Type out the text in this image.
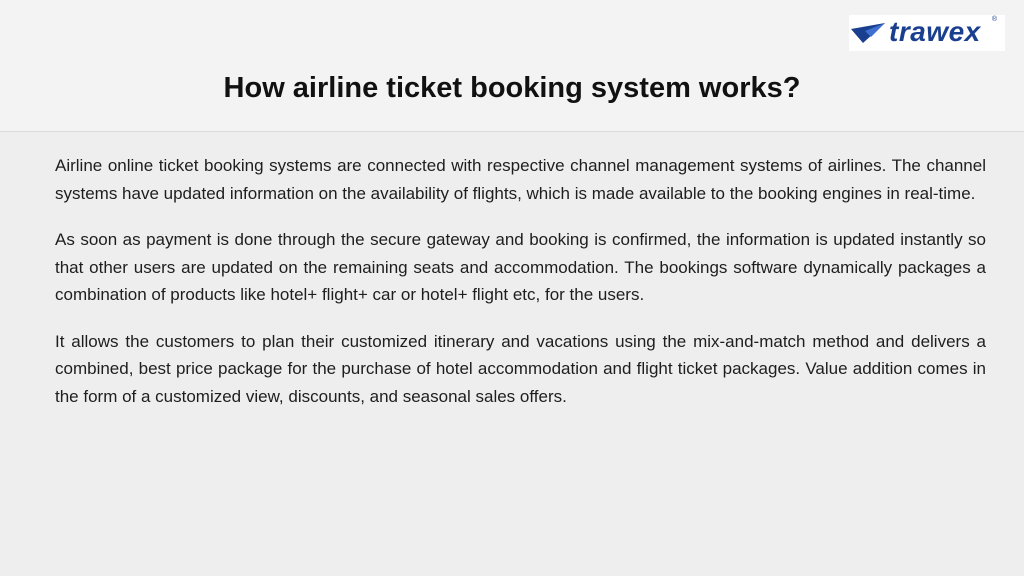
trawex ®
How airline ticket booking system works?

Airline online ticket booking systems are connected with respective channel management systems of airlines. The channel systems have updated information on the availability of flights, which is made available to the booking engines in real-time.

As soon as payment is done through the secure gateway and booking is confirmed, the information is updated instantly so that other users are updated on the remaining seats and accommodation. The bookings software dynamically packages a combination of products like hotel+ flight+ car or hotel+ flight etc, for the users.

It allows the customers to plan their customized itinerary and vacations using the mix-and-match method and delivers a combined, best price package for the purchase of hotel accommodation and flight ticket packages. Value addition comes in the form of a customized view, discounts, and seasonal sales offers.
